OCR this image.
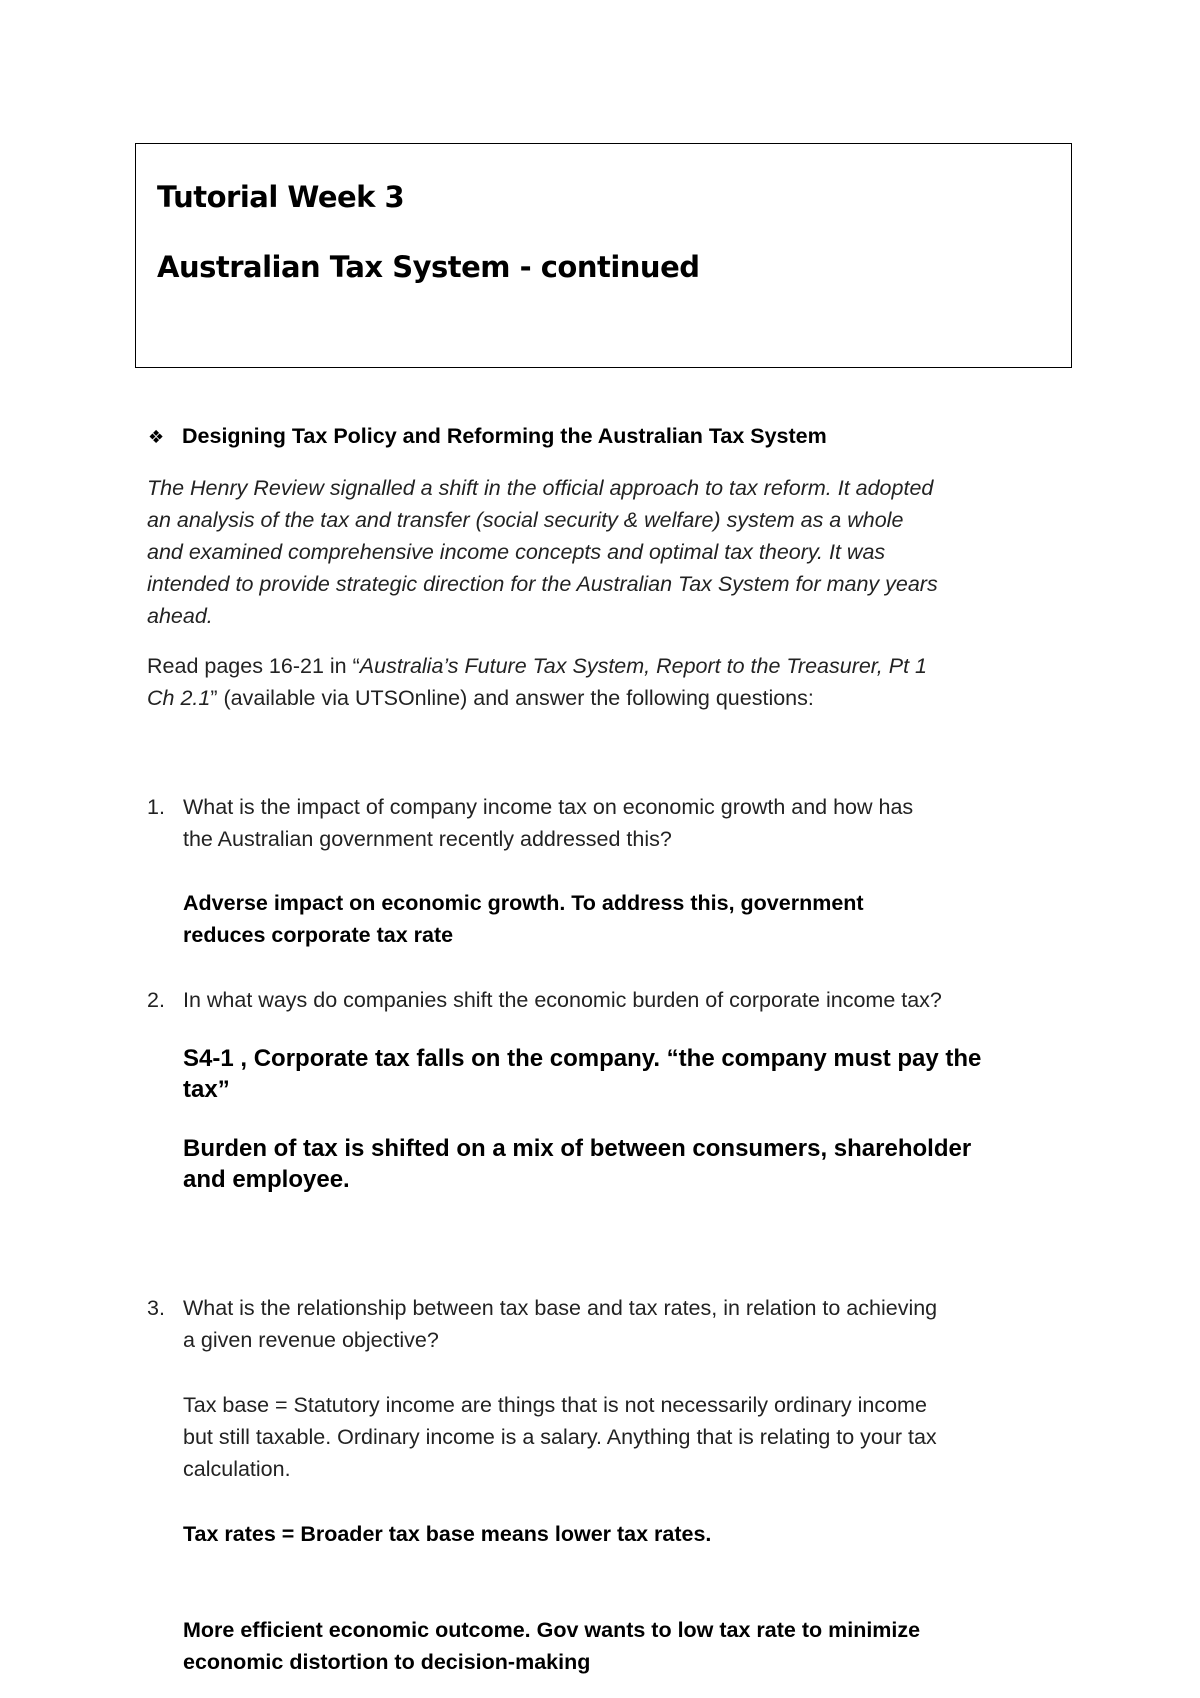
Tutorial Week 3
Australian Tax System - continued
❖ Designing Tax Policy and Reforming the Australian Tax System
The Henry Review signalled a shift in the official approach to tax reform. It adopted
an analysis of the tax and transfer (social security & welfare) system as a whole
and examined comprehensive income concepts and optimal tax theory. It was
intended to provide strategic direction for the Australian Tax System for many years
ahead.
Read pages 16-21 in “Australia’s Future Tax System, Report to the Treasurer, Pt 1
Ch 2.1” (available via UTSOnline) and answer the following questions:
1. What is the impact of company income tax on economic growth and how has
the Australian government recently addressed this?
Adverse impact on economic growth. To address this, government
reduces corporate tax rate
2. In what ways do companies shift the economic burden of corporate income tax?
S4-1 , Corporate tax falls on the company. “the company must pay the
tax”
Burden of tax is shifted on a mix of between consumers, shareholder
and employee.
3. What is the relationship between tax base and tax rates, in relation to achieving
a given revenue objective?
Tax base = Statutory income are things that is not necessarily ordinary income
but still taxable. Ordinary income is a salary. Anything that is relating to your tax
calculation.
Tax rates = Broader tax base means lower tax rates.
More efficient economic outcome. Gov wants to low tax rate to minimize
economic distortion to decision-making
